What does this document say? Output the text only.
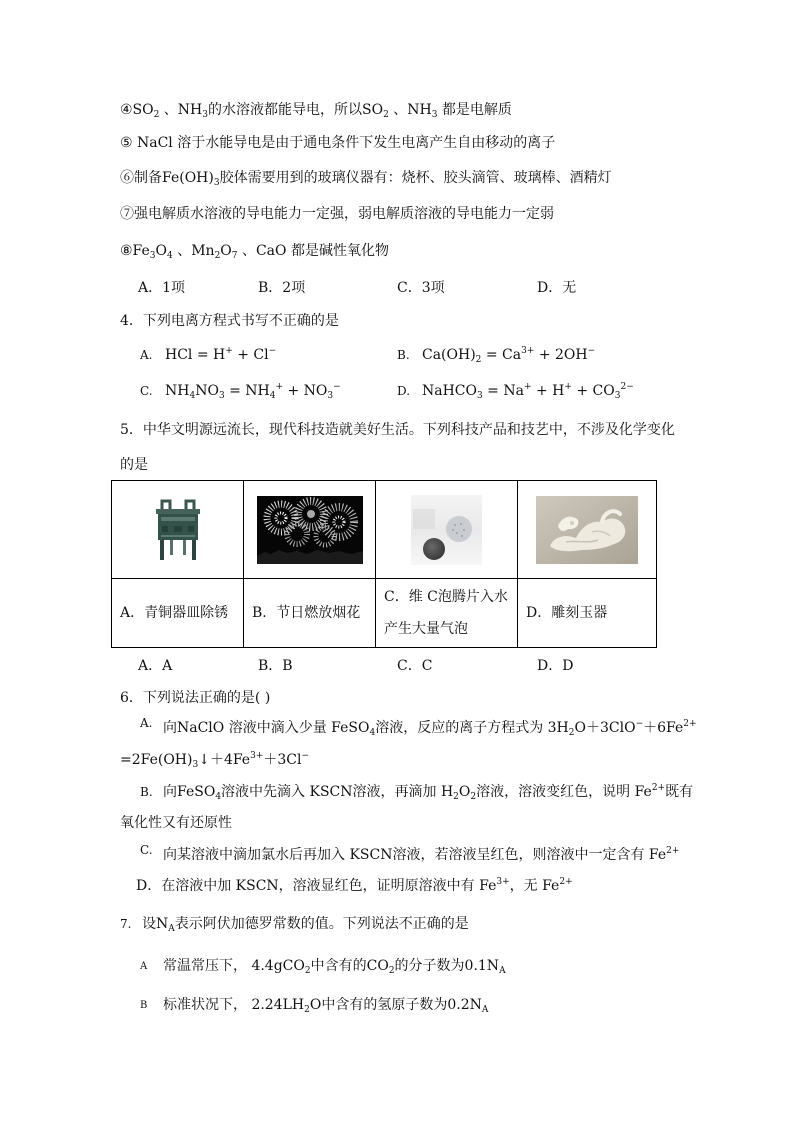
$④SO_2$ 、$NH_3$的水溶液都能导电，所以$SO_2$ 、$NH_3$ 都是电解质
⑤ NaCl 溶于水能导电是由于通电条件下发生电离产生自由移动的离子
⑥制备$Fe(OH)_3$胶体需要用到的玻璃仪器有：烧杯、胶头滴管、玻璃棒、酒精灯
⑦强电解质水溶液的导电能力一定强，弱电解质溶液的导电能力一定弱
$⑧Fe_3O_4$ 、$Mn_2O_7$ 、CaO 都是碱性氧化物
A．1项	B．2项	C．3项	D．无
4．下列电离方程式书写不正确的是
A. HCl = H+ + Cl−	B. $Ca(OH)_2 = Ca^{3+} + 2OH^-$
C. $NH_4NO_3 = NH_4^+ + NO_3^-$	D. NaHCO$_3$ = $Na^+ + H^+ + CO_3^{2-}$
5．中华文明源远流长，现代科技造就美好生活。下列科技产品和技艺中，不涉及化学变化
的是

A．青铜器皿除锈	B．节日燃放烟花	C．维 C泡腾片入水产生大量气泡	D．雕刻玉器
A．A	B．B	C．C	D．D
6．下列说法正确的是( )
A. 向NaClO 溶液中滴入少量 FeSO$_4$溶液，反应的离子方程式为 $3H_2O+3ClO^-+6Fe^{2+}$
$=2Fe(OH)_3↓+4Fe^{3+}+3Cl^-$
B. 向FeSO$_4$溶液中先滴入 KSCN溶液，再滴加 $H_2O_2$溶液，溶液变红色，说明 $Fe^{2+}$既有
氧化性又有还原性
C. 向某溶液中滴加氯水后再加入 KSCN溶液，若溶液呈红色，则溶液中一定含有 $Fe^{2+}$
D．在溶液中加 KSCN，溶液显红色，证明原溶液中有 $Fe^{3+}$，无 $Fe^{2+}$
7. 设$N_A$表示阿伏加德罗常数的值。下列说法不正确的是
A 常温常压下， 4.4gCO$_2$中含有的$CO_2$的分子数为$0.1N_A$
B 标准状况下， $2.24LH_2O$中含有的氢原子数为$0.2N_A$
